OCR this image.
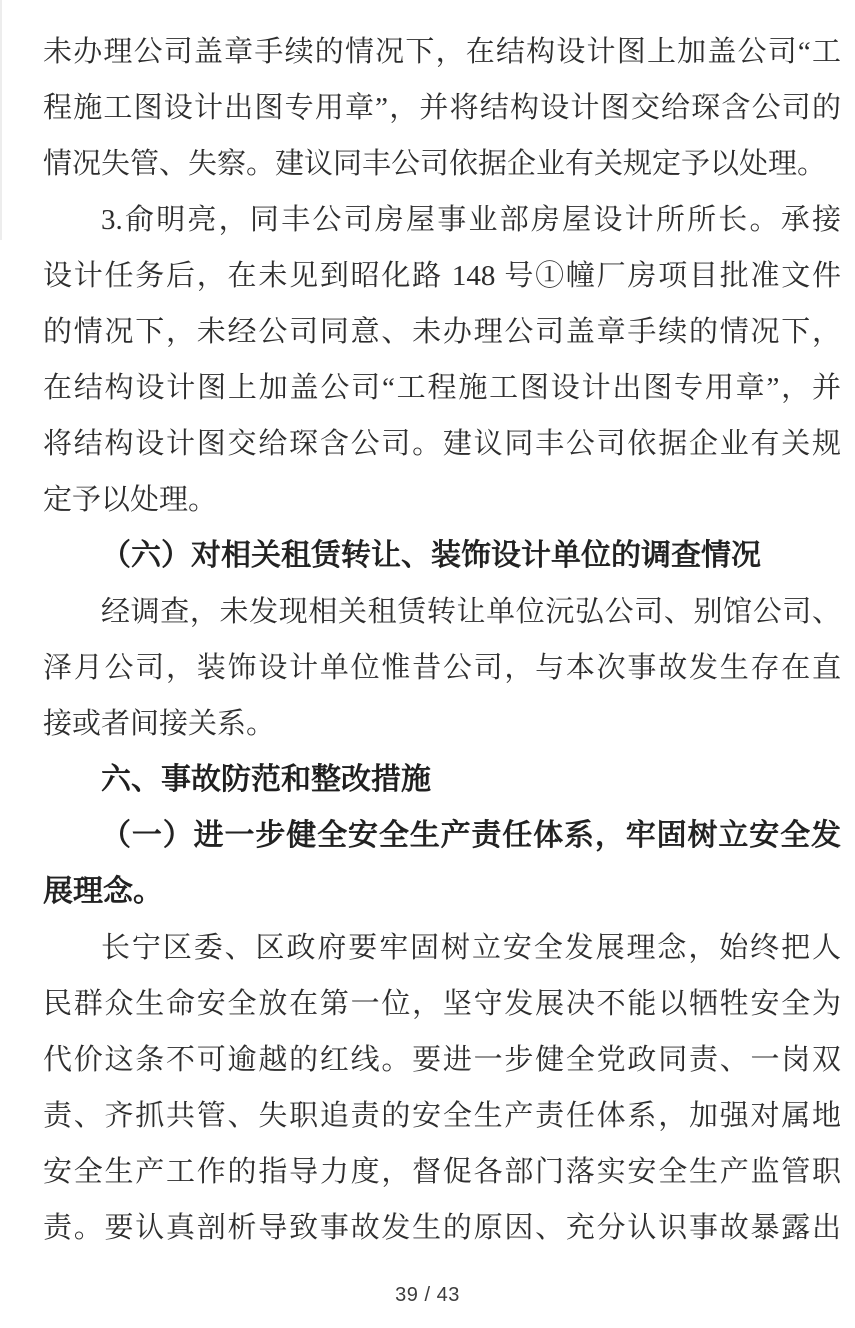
未办理公司盖章手续的情况下，在结构设计图上加盖公司“工
程施工图设计出图专用章”，并将结构设计图交给琛含公司的
情况失管、失察。建议同丰公司依据企业有关规定予以处理。
3.俞明亮，同丰公司房屋事业部房屋设计所所长。承接
设计任务后，在未见到昭化路 148 号①幢厂房项目批准文件
的情况下，未经公司同意、未办理公司盖章手续的情况下，
在结构设计图上加盖公司“工程施工图设计出图专用章”，并
将结构设计图交给琛含公司。建议同丰公司依据企业有关规
定予以处理。
（六）对相关租赁转让、装饰设计单位的调查情况
经调查，未发现相关租赁转让单位沅弘公司、别馆公司、
泽月公司，装饰设计单位惟昔公司，与本次事故发生存在直
接或者间接关系。
六、事故防范和整改措施
（一）进一步健全安全生产责任体系，牢固树立安全发
展理念。
长宁区委、区政府要牢固树立安全发展理念，始终把人
民群众生命安全放在第一位，坚守发展决不能以牺牲安全为
代价这条不可逾越的红线。要进一步健全党政同责、一岗双
责、齐抓共管、失职追责的安全生产责任体系，加强对属地
安全生产工作的指导力度，督促各部门落实安全生产监管职
责。要认真剖析导致事故发生的原因、充分认识事故暴露出
39 / 43
